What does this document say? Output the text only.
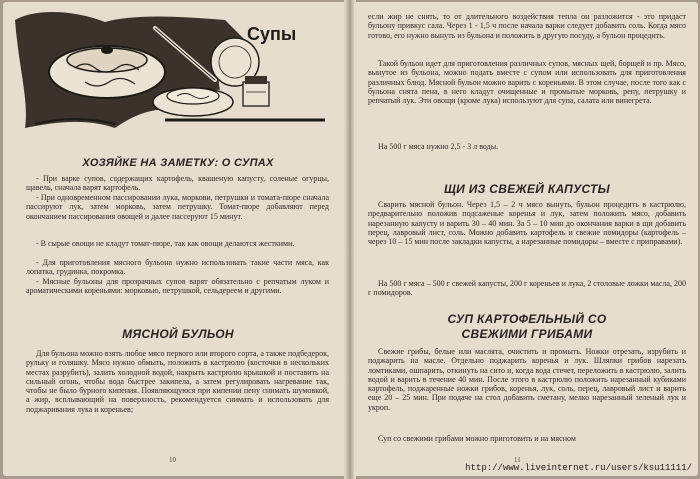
Супы
ХОЗЯЙКЕ НА ЗАМЕТКУ: О СУПАХ

- При варке супов, содержащих картофель, квашеную капусту, соленые огурцы, щавель, сначала варят картофель.

- При одновременном пассировании лука, моркови, петрушки и томата-пюре сначала пассируют лук, затем морковь, затем петрушку. Томат-пюре добавляют перед окончанием пассирования овощей и далее пассеруют 15 минут.

- В сырые овощи не кладут томат-пюре, так как овощи делаются жесткими.

- Для приготовления мясного бульона нужно использовать такие части мяса, как лопатка, грудинка, покромка.

- Мясные бульоны для прозрачных супов варят обязательно с репчатым луком и ароматическими кореньями: морковью, петрушкой, сельдереем и другими.

МЯСНОЙ БУЛЬОН

Для бульона можно взять любое мясо первого или второго сорта, а также подбедерок, рульку и голяшку. Мясо нужно обмыть, положить в кастрюлю (косточки в нескольких местах разрубить), залить холодной водой, накрыть кастрюлю крышкой и поставить на сильный огонь, чтобы вода быстрее закипела, а затем регулировать нагревание так, чтобы не было бурного кипения. Появляющуюся при кипении пену снимать шумовкой, а жир, всплывающий на поверхность, рекомендуется снимать и использовать для поджаривания лука и кореньев;

10

если жир не снять, то от длительного воздействия тепла он разложится - это придаст бульону привкус сала. Через 1 - 1,5 ч после начала варки следует добавить соль. Когда мясо готово, его нужно вынуть из бульона и положить в другую посуду, а бульон процедить.

Такой бульон идет для приготовления различных супов, мясных щей, борщей и пр. Мясо, вынутое из бульона, можно подать вместе с супом или использовать для приготовления различных блюд. Мясной бульон можно варить с кореньями. В этом случае, после того как с бульона снята пена, в него кладут очищенные и промытые морковь, репу, петрушку и репчатый лук. Эти овощи (кроме лука) используют для супа, салата или винегрета.

На 500 г мяса нужно 2,5 - 3 л воды.

ЩИ ИЗ СВЕЖЕЙ КАПУСТЫ

Сварить мясной бульон. Через 1,5 – 2 ч мясо вынуть, бульон процедить в кастрюлю, предварительно положив подсаженые коренья и лук, затем положить мясо, добавить нарезанную капусту и варить 30 – 40 мин. За 5 – 10 мин до окончания варки в щи добавить перец, лавровый лист, соль. Можно добавить картофель и свежие помидоры (картофель – через 10 – 15 мин после закладки капусты, а нарезанные помидоры – вместе с приправами).

На 500 г мяса – 500 г свежей капусты, 200 г кореньев и лука, 2 столовые ложки масла, 200 г помидоров.

СУП КАРТОФЕЛЬНЫЙ СО
СВЕЖИМИ ГРИБАМИ

Свежие грибы, белые или маслята, очистить и промыть. Ножки отрезать, изрубить и поджарить на масле. Отдельно поджарить коренья и лук. Шляпки грибов нарезать ломтиками, ошпарить, откинуть на сито и, когда вода стечет, переложить в кастрюлю, залить водой и варить в течение 40 мин. После этого в кастрюлю положить нарезанный кубиками картофель, поджаренные ножки грибов, коренья, лук, соль, перец, лавровый лист и варить еще 20 – 25 мин. При подаче на стол добавить сметану, мелко нарезанный зеленый лук и укроп.

Суп со свежими грибами можно приготовить и на мясном

11
http://www.liveinternet.ru/users/ksu11111/
